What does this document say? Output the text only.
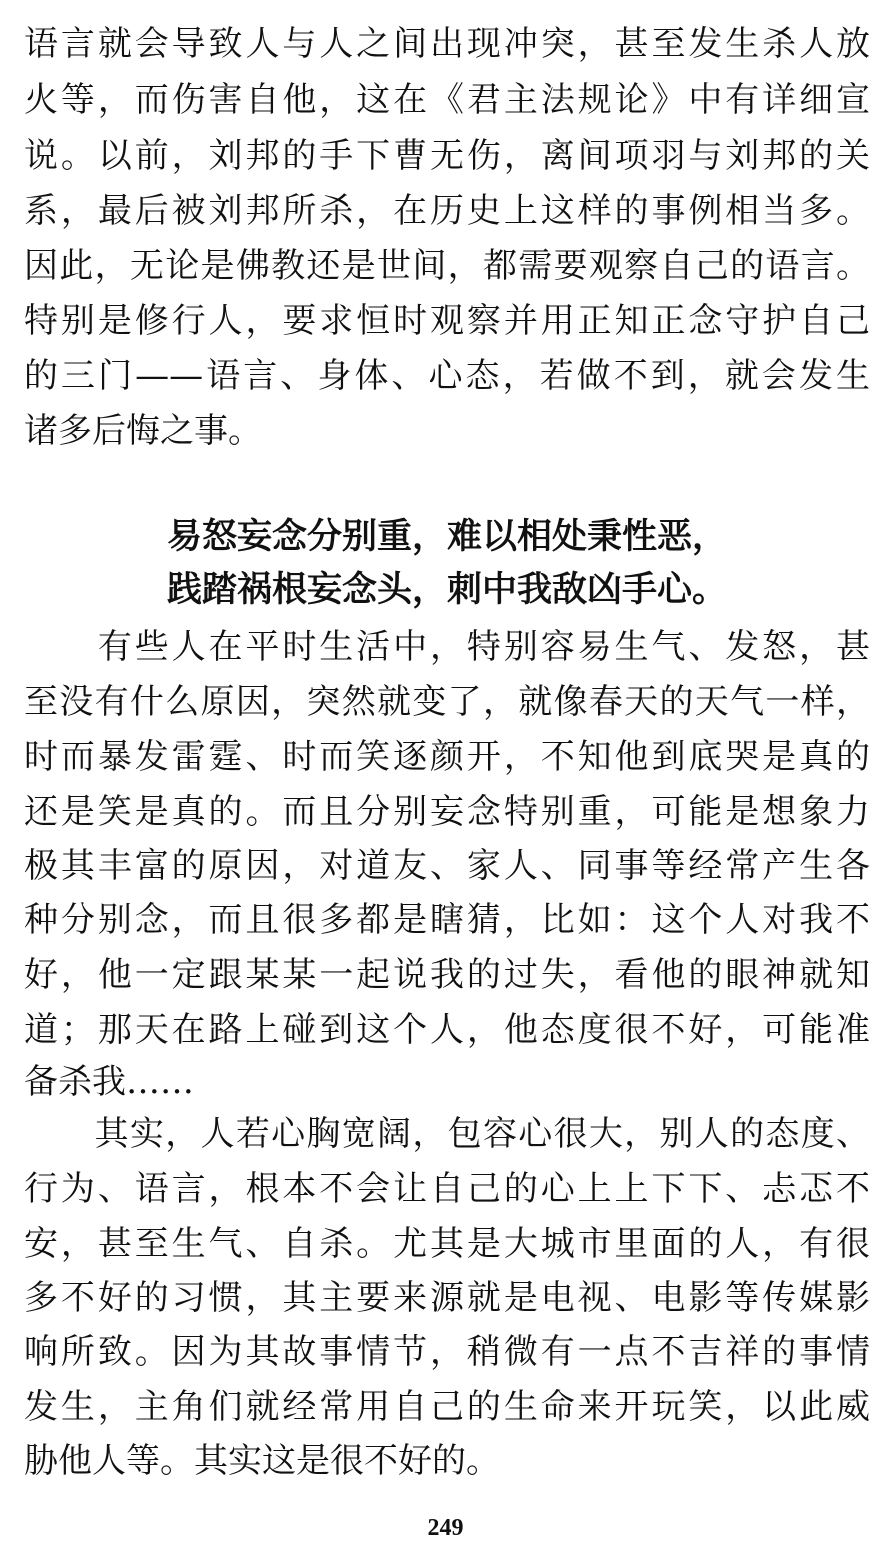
语言就会导致人与人之间出现冲突，甚至发生杀人放
火等，而伤害自他，这在《君主法规论》中有详细宣
说。以前，刘邦的手下曹无伤，离间项羽与刘邦的关
系，最后被刘邦所杀，在历史上这样的事例相当多。
因此，无论是佛教还是世间，都需要观察自己的语言。
特别是修行人，要求恒时观察并用正知正念守护自己
的三门——语言、身体、心态，若做不到，就会发生
诸多后悔之事。
易怒妄念分别重，难以相处秉性恶，
践踏祸根妄念头，刺中我敌凶手心。
　　有些人在平时生活中，特别容易生气、发怒，甚
至没有什么原因，突然就变了，就像春天的天气一样，
时而暴发雷霆、时而笑逐颜开，不知他到底哭是真的
还是笑是真的。而且分别妄念特别重，可能是想象力
极其丰富的原因，对道友、家人、同事等经常产生各
种分别念，而且很多都是瞎猜，比如：这个人对我不
好，他一定跟某某一起说我的过失，看他的眼神就知
道；那天在路上碰到这个人，他态度很不好，可能准
备杀我……
　　其实，人若心胸宽阔，包容心很大，别人的态度、
行为、语言，根本不会让自己的心上上下下、忐忑不
安，甚至生气、自杀。尤其是大城市里面的人，有很
多不好的习惯，其主要来源就是电视、电影等传媒影
响所致。因为其故事情节，稍微有一点不吉祥的事情
发生，主角们就经常用自己的生命来开玩笑，以此威
胁他人等。其实这是很不好的。
249
